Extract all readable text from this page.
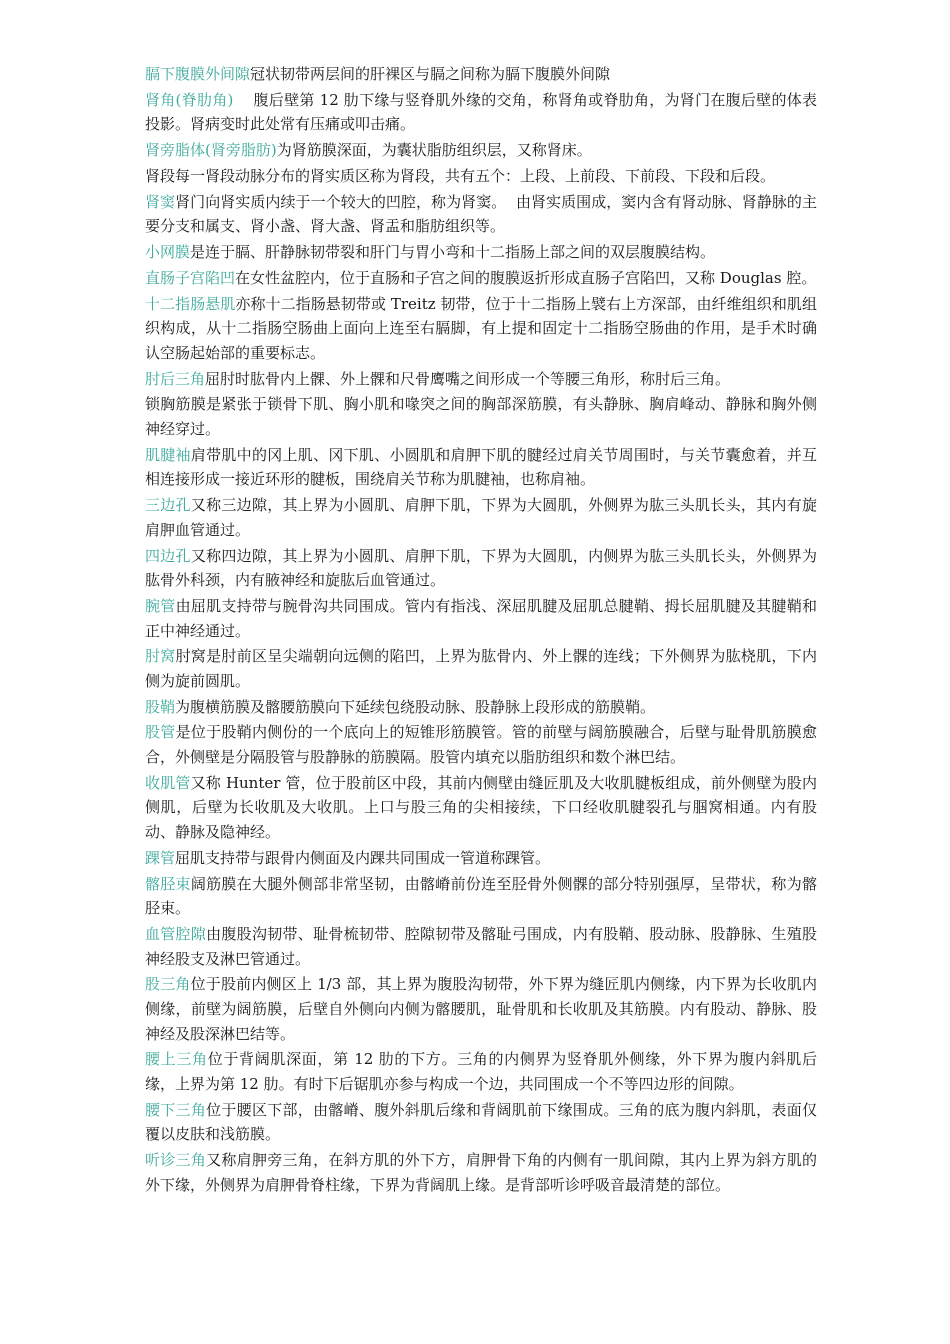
膈下腹膜外间隙冠状韧带两层间的肝裸区与膈之间称为膈下腹膜外间隙

肾角(脊肋角)    腹后壁第 12 肋下缘与竖脊肌外缘的交角，称肾角或脊肋角，为肾门在腹后壁的体表投影。肾病变时此处常有压痛或叩击痛。

肾旁脂体(肾旁脂肪)为肾筋膜深面，为囊状脂肪组织层，又称肾床。

肾段每一肾段动脉分布的肾实质区称为肾段，共有五个：上段、上前段、下前段、下段和后段。

肾窦肾门向肾实质内续于一个较大的凹腔，称为肾窦。  由肾实质围成，窦内含有肾动脉、肾静脉的主要分支和属支、肾小盏、肾大盏、肾盂和脂肪组织等。

小网膜是连于膈、肝静脉韧带裂和肝门与胃小弯和十二指肠上部之间的双层腹膜结构。

直肠子宫陷凹在女性盆腔内，位于直肠和子宫之间的腹膜返折形成直肠子宫陷凹，又称 Douglas 腔。

十二指肠悬肌亦称十二指肠悬韧带或 Treitz 韧带，位于十二指肠上襞右上方深部，由纤维组织和肌组织构成，从十二指肠空肠曲上面向上连至右膈脚，有上提和固定十二指肠空肠曲的作用，是手术时确认空肠起始部的重要标志。

肘后三角屈肘时肱骨内上髁、外上髁和尺骨鹰嘴之间形成一个等腰三角形，称肘后三角。

锁胸筋膜是紧张于锁骨下肌、胸小肌和喙突之间的胸部深筋膜，有头静脉、胸肩峰动、静脉和胸外侧神经穿过。

肌腱袖肩带肌中的冈上肌、冈下肌、小圆肌和肩胛下肌的腱经过肩关节周围时，与关节囊愈着，并互相连接形成一接近环形的腱板，围绕肩关节称为肌腱袖，也称肩袖。

三边孔又称三边隙，其上界为小圆肌、肩胛下肌，下界为大圆肌，外侧界为肱三头肌长头，其内有旋肩胛血管通过。

四边孔又称四边隙，其上界为小圆肌、肩胛下肌，下界为大圆肌，内侧界为肱三头肌长头，外侧界为肱骨外科颈，内有腋神经和旋肱后血管通过。

腕管由屈肌支持带与腕骨沟共同围成。管内有指浅、深屈肌腱及屈肌总腱鞘、拇长屈肌腱及其腱鞘和正中神经通过。

肘窝肘窝是肘前区呈尖端朝向远侧的陷凹，上界为肱骨内、外上髁的连线；下外侧界为肱桡肌，下内侧为旋前圆肌。

股鞘为腹横筋膜及髂腰筋膜向下延续包绕股动脉、股静脉上段形成的筋膜鞘。

股管是位于股鞘内侧份的一个底向上的短锥形筋膜管。管的前壁与阔筋膜融合，后壁与耻骨肌筋膜愈合，外侧壁是分隔股管与股静脉的筋膜隔。股管内填充以脂肪组织和数个淋巴结。

收肌管又称 Hunter 管，位于股前区中段，其前内侧壁由缝匠肌及大收肌腱板组成，前外侧壁为股内侧肌，后壁为长收肌及大收肌。上口与股三角的尖相接续，下口经收肌腱裂孔与腘窝相通。内有股动、静脉及隐神经。

踝管屈肌支持带与跟骨内侧面及内踝共同围成一管道称踝管。

髂胫束阔筋膜在大腿外侧部非常坚韧，由髂嵴前份连至胫骨外侧髁的部分特别强厚，呈带状，称为髂胫束。

血管腔隙由腹股沟韧带、耻骨梳韧带、腔隙韧带及髂耻弓围成，内有股鞘、股动脉、股静脉、生殖股神经股支及淋巴管通过。

股三角位于股前内侧区上 1/3 部，其上界为腹股沟韧带，外下界为缝匠肌内侧缘，内下界为长收肌内侧缘，前壁为阔筋膜，后壁自外侧向内侧为髂腰肌，耻骨肌和长收肌及其筋膜。内有股动、静脉、股神经及股深淋巴结等。

腰上三角位于背阔肌深面，第 12 肋的下方。三角的内侧界为竖脊肌外侧缘，外下界为腹内斜肌后缘，上界为第 12 肋。有时下后锯肌亦参与构成一个边，共同围成一个不等四边形的间隙。

腰下三角位于腰区下部，由髂嵴、腹外斜肌后缘和背阔肌前下缘围成。三角的底为腹内斜肌，表面仅覆以皮肤和浅筋膜。

听诊三角又称肩胛旁三角，在斜方肌的外下方，肩胛骨下角的内侧有一肌间隙，其内上界为斜方肌的外下缘，外侧界为肩胛骨脊柱缘，下界为背阔肌上缘。是背部听诊呼吸音最清楚的部位。
